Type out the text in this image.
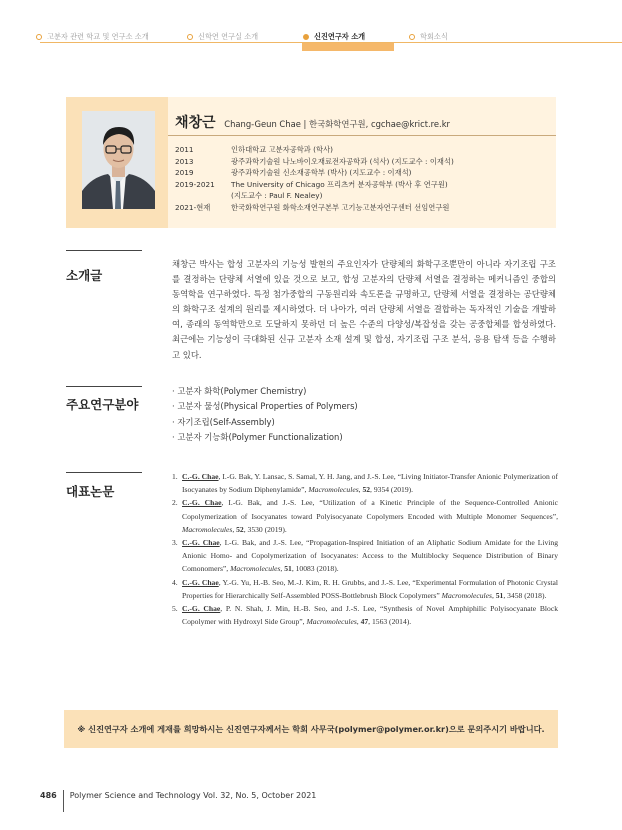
고분자 관련 학교 및 연구소 소개	신학연 연구실 소개	신진연구자 소개	학회소식
채창근 Chang-Geun Chae | 한국화학연구원, cgchae@krict.re.kr
2011	인하대학교 고분자공학과 (학사)
2013	광주과학기술원 나노바이오재료전자공학과 (석사) (지도교수 : 이재석)
2019	광주과학기술원 신소재공학부 (박사) (지도교수 : 이재석)
2019-2021	The University of Chicago 프리츠커 분자공학부 (박사 후 연구원)
(지도교수 : Paul F. Nealey)
2021-현재	한국화학연구원 화학소재연구본부 고기능고분자연구센터 선임연구원
소개글
채창근 박사는 합성 고분자의 기능성 발현의 주요인자가 단량체의 화학구조뿐만이 아니라 자기조립 구조를 결정하는 단량체 서열에 있을 것으로 보고, 합성 고분자의 단량체 서열을 결정하는 메커니즘인 중합의 동역학을 연구하였다. 특정 첨가중합의 구동원리와 속도론을 규명하고, 단량체 서열을 결정하는 공단량체의 화학구조 설계의 원리를 제시하였다. 더 나아가, 여러 단량체 서열을 결합하는 독자적인 기술을 개발하여, 종래의 동역학만으로 도달하지 못하던 더 높은 수준의 다양성/복잡성을 갖는 공중합체를 합성하였다. 최근에는 기능성이 극대화된 신규 고분자 소재 설계 및 합성, 자기조립 구조 분석, 응용 탐색 등을 수행하고 있다.
주요연구분야
· 고분자 화학(Polymer Chemistry)
· 고분자 물성(Physical Properties of Polymers)
· 자기조립(Self-Assembly)
· 고분자 기능화(Polymer Functionalization)
대표논문
1. C.-G. Chae, I.-G. Bak, Y. Lansac, S. Samal, Y. H. Jang, and J.-S. Lee, “Living Initiator-Transfer Anionic Polymerization of Isocyanates by Sodium Diphenylamide”, Macromolecules, 52, 9354 (2019).
2. C.-G. Chae, I.-G. Bak, and J.-S. Lee, “Utilization of a Kinetic Principle of the Sequence-Controlled Anionic Copolymerization of Isocyanates toward Polyisocyanate Copolymers Encoded with Multiple Monomer Sequences”, Macromolecules, 52, 3530 (2019).
3. C.-G. Chae, I.-G. Bak, and J.-S. Lee, “Propagation-Inspired Initiation of an Aliphatic Sodium Amidate for the Living Anionic Homo- and Copolymerization of Isocyanates: Access to the Multiblocky Sequence Distribution of Binary Comonomers”, Macromolecules, 51, 10083 (2018).
4. C.-G. Chae, Y.-G. Yu, H.-B. Seo, M.-J. Kim, R. H. Grubbs, and J.-S. Lee, “Experimental Formulation of Photonic Crystal Properties for Hierarchically Self-Assembled POSS-Bottlebrush Block Copolymers” Macromolecules, 51, 3458 (2018).
5. C.-G. Chae, P. N. Shah, J. Min, H.-B. Seo, and J.-S. Lee, “Synthesis of Novel Amphiphilic Polyisocyanate Block Copolymer with Hydroxyl Side Group”, Macromolecules, 47, 1563 (2014).
※ 신진연구자 소개에 게재를 희망하시는 신진연구자께서는 학회 사무국(polymer@polymer.or.kr)으로 문의주시기 바랍니다.
486 Polymer Science and Technology Vol. 32, No. 5, October 2021
